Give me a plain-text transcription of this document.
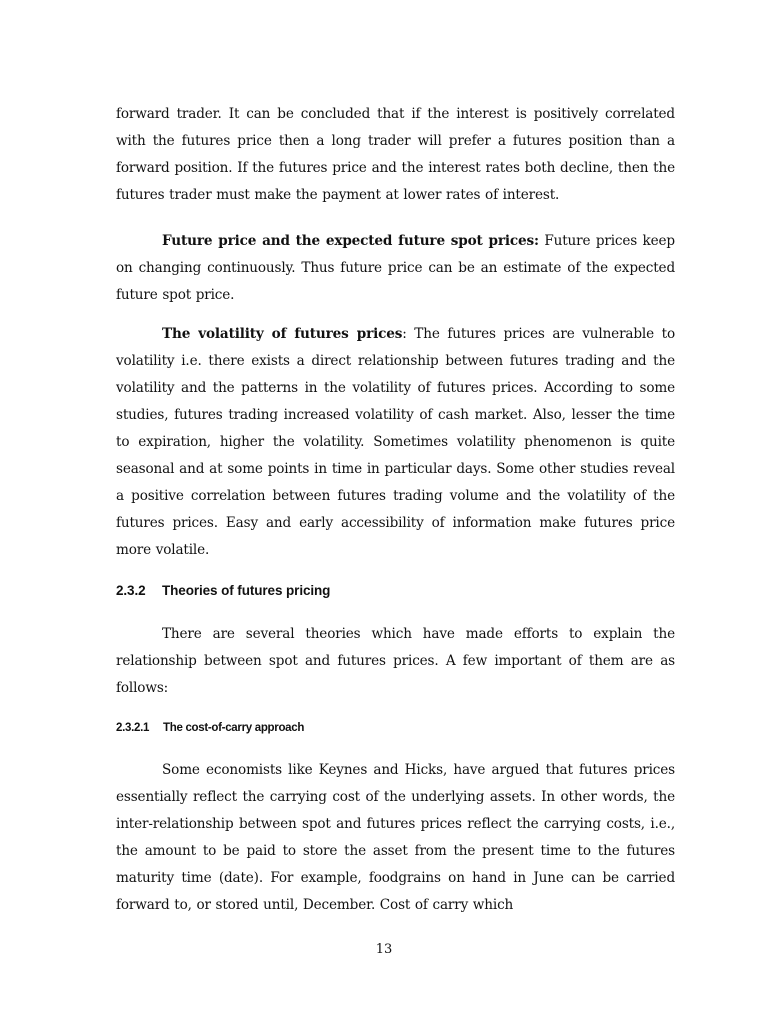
forward trader. It can be concluded that if the interest is positively correlated with the futures price then a long trader will prefer a futures position than a forward position. If the futures price and the interest rates both decline, then the futures trader must make the payment at lower rates of interest.

Future price and the expected future spot prices: Future prices keep on changing continuously. Thus future price can be an estimate of the expected future spot price.

The volatility of futures prices: The futures prices are vulnerable to volatility i.e. there exists a direct relationship between futures trading and the volatility and the patterns in the volatility of futures prices. According to some studies, futures trading increased volatility of cash market. Also, lesser the time to expiration, higher the volatility. Sometimes volatility phenomenon is quite seasonal and at some points in time in particular days. Some other studies reveal a positive correlation between futures trading volume and the volatility of the futures prices. Easy and early accessibility of information make futures price more volatile.

2.3.2 Theories of futures pricing

There are several theories which have made efforts to explain the relationship between spot and futures prices. A few important of them are as follows:

2.3.2.1 The cost-of-carry approach

Some economists like Keynes and Hicks, have argued that futures prices essentially reflect the carrying cost of the underlying assets. In other words, the inter-relationship between spot and futures prices reflect the carrying costs, i.e., the amount to be paid to store the asset from the present time to the futures maturity time (date). For example, foodgrains on hand in June can be carried forward to, or stored until, December. Cost of carry which

13
